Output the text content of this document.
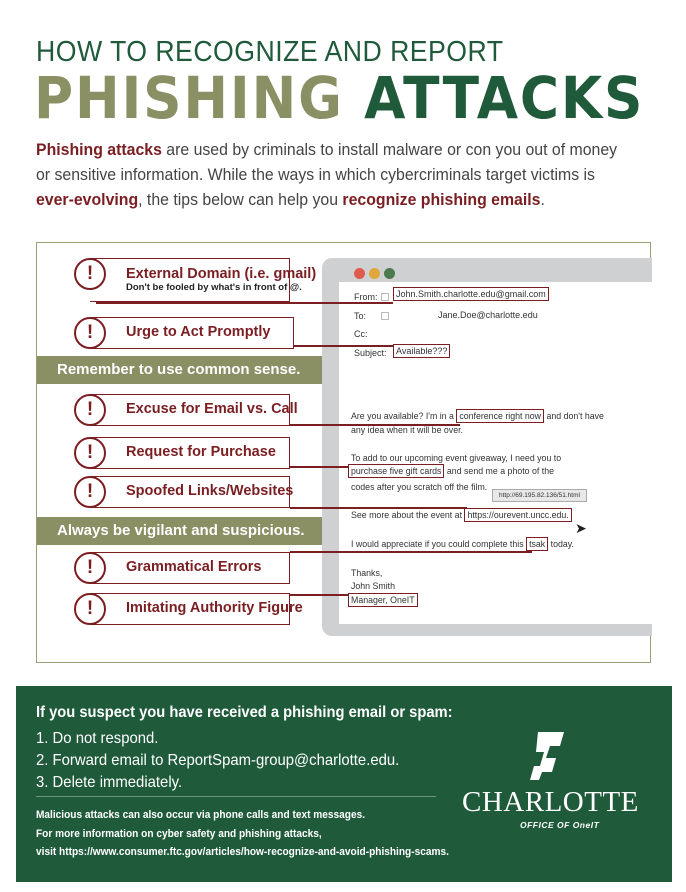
HOW TO RECOGNIZE AND REPORT
PHISHING ATTACKS

Phishing attacks are used by criminals to install malware or con you out of money or sensitive information. While the ways in which cybercriminals target victims is ever-evolving, the tips below can help you recognize phishing emails.

Remember to use common sense.
Always be vigilant and suspicious.
From:	John.Smith.charlotte.edu@gmail.com
To:	Jane.Doe@charlotte.edu
Cc:
Subject:	Available???
Are you available? I'm in a conference right now and don't have
any idea when it will be over.
To add to our upcoming event giveaway, I need you to
purchase five gift cards and send me a photo of the
codes after you scratch off the film.
http://69.195.82.136/51.html
See more about the event at https://ourevent.uncc.edu.
➤
I would appreciate if you could complete this tsak today.
Thanks,
John Smith
Manager, OneIT
External Domain (i.e. gmail)
Don't be fooled by what's in front of @.
!
Urge to Act Promptly
!
Excuse for Email vs. Call
!
Request for Purchase
!
Spoofed Links/Websites
!
Grammatical Errors
!
Imitating Authority Figure
!
If you suspect you have received a phishing email or spam:
1. Do not respond.
2. Forward email to ReportSpam-group@charlotte.edu.
3. Delete immediately.
Malicious attacks can also occur via phone calls and text messages.
For more information on cyber safety and phishing attacks,
visit https://www.consumer.ftc.gov/articles/how-recognize-and-avoid-phishing-scams.
CHARLOTTE
OFFICE OF OneIT
